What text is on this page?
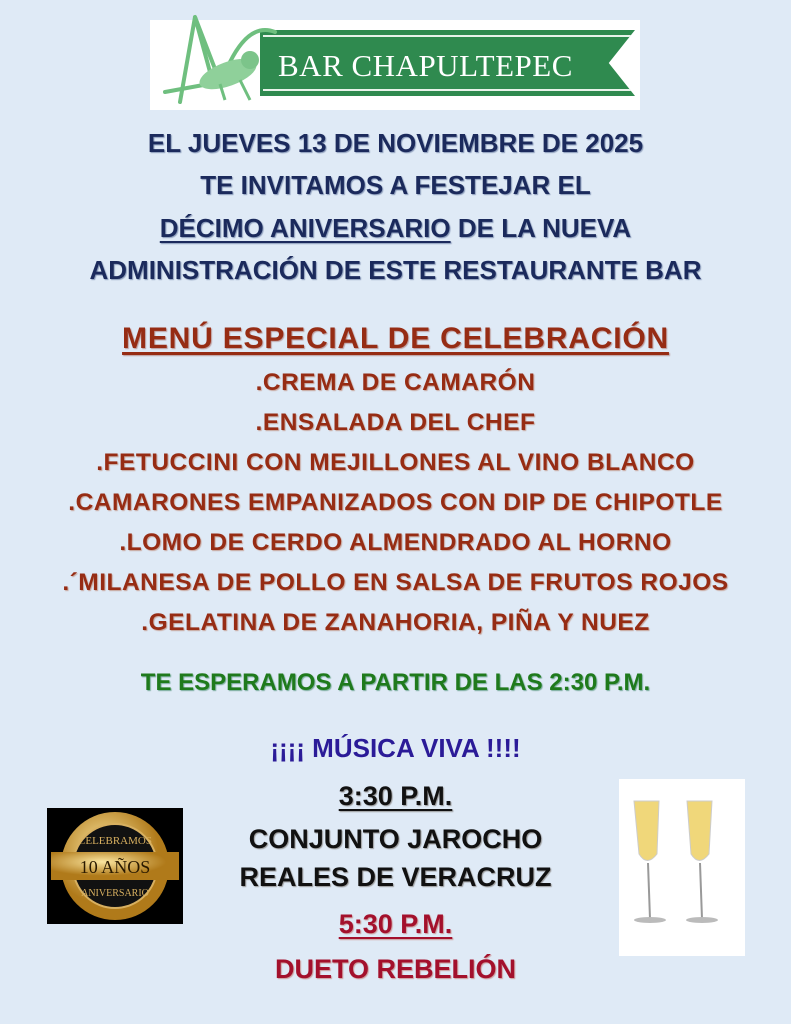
BAR CHAPULTEPEC
EL JUEVES 13 DE NOVIEMBRE DE 2025
TE INVITAMOS A FESTEJAR EL
DÉCIMO ANIVERSARIO DE LA NUEVA
ADMINISTRACIÓN DE ESTE RESTAURANTE BAR
MENÚ ESPECIAL DE CELEBRACIÓN
.CREMA DE CAMARÓN
.ENSALADA DEL CHEF
.FETUCCINI CON MEJILLONES AL VINO BLANCO
.CAMARONES EMPANIZADOS CON DIP DE CHIPOTLE
.LOMO DE CERDO ALMENDRADO AL HORNO
.´MILANESA DE POLLO EN SALSA DE FRUTOS ROJOS
.GELATINA DE ZANAHORIA, PIÑA Y NUEZ
TE ESPERAMOS A PARTIR DE LAS 2:30 P.M.
¡¡¡¡ MÚSICA VIVA !!!!
3:30 P.M.
CONJUNTO JAROCHO
REALES DE VERACRUZ
5:30 P.M.
DUETO REBELIÓN
CELEBRAMOS
10 AÑOS
ANIVERSARIO
